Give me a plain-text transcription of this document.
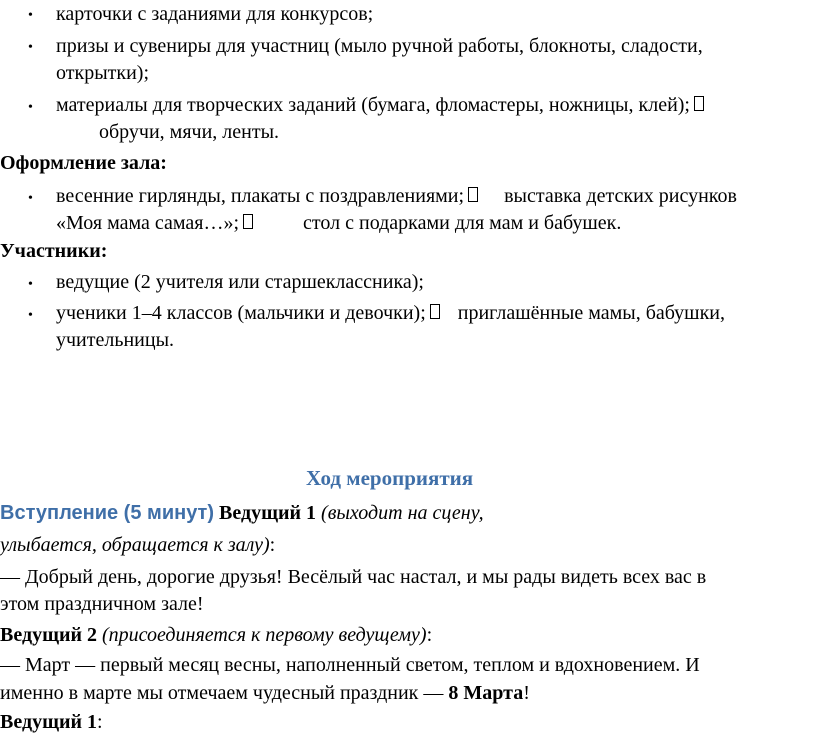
• карточки с заданиями для конкурсов;
• призы и сувениры для участниц (мыло ручной работы, блокноты, сладости,
открытки);
• материалы для творческих заданий (бумага, фломастеры, ножницы, клей);
обручи, мячи, ленты.
Оформление зала:
• весенние гирлянды, плакаты с поздравлениями; выставка детских рисунков
«Моя мама самая…»;	стол с подарками для мам и бабушек.
Участники:
• ведущие (2 учителя или старшеклассника);
• ученики 1–4 классов (мальчики и девочки); приглашённые мамы, бабушки,
учительницы.
Ход мероприятия
Вступление (5 минут) Ведущий 1 (выходит на сцену,
улыбается, обращается к залу):
— Добрый день, дорогие друзья! Весёлый час настал, и мы рады видеть всех вас в
этом праздничном зале!
Ведущий 2 (присоединяется к первому ведущему):
— Март — первый месяц весны, наполненный светом, теплом и вдохновением. И
именно в марте мы отмечаем чудесный праздник — 8 Марта!
Ведущий 1:
